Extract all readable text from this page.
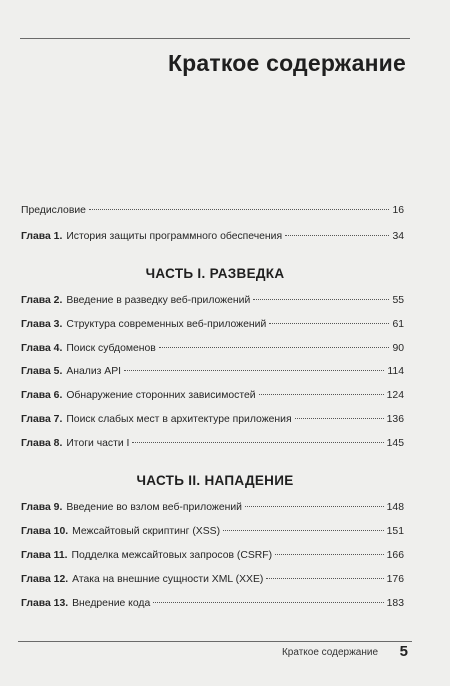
Краткое содержание
Предисловие	16
Глава 1. История защиты программного обеспечения	34
ЧАСТЬ I. РАЗВЕДКА
Глава 2. Введение в разведку веб-приложений	55
Глава 3. Структура современных веб-приложений	61
Глава 4. Поиск субдоменов	90
Глава 5. Анализ API	114
Глава 6. Обнаружение сторонних зависимостей	124
Глава 7. Поиск слабых мест в архитектуре приложения	136
Глава 8. Итоги части I	145
ЧАСТЬ II. НАПАДЕНИЕ
Глава 9. Введение во взлом веб-приложений	148
Глава 10. Межсайтовый скриптинг (XSS)	151
Глава 11. Подделка межсайтовых запросов (CSRF)	166
Глава 12. Атака на внешние сущности XML (XXE)	176
Глава 13. Внедрение кода	183
Краткое содержание 5
